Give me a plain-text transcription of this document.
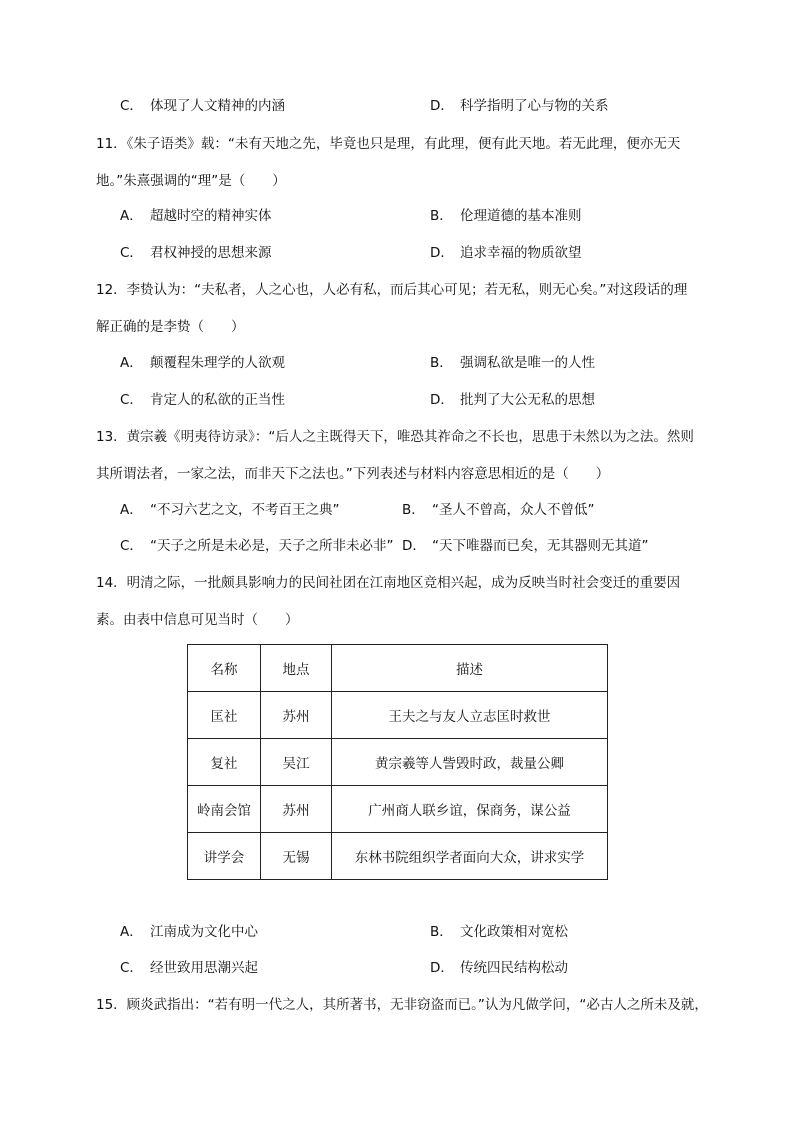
C． 体现了人文精神的内涵	D． 科学指明了心与物的关系
11．《朱子语类》载：“未有天地之先，毕竟也只是理，有此理，便有此天地。若无此理，便亦无天
地。”朱熹强调的“理”是（　　）
A． 超越时空的精神实体	B． 伦理道德的基本准则
C． 君权神授的思想来源	D． 追求幸福的物质欲望
12．李贽认为：“夫私者，人之心也，人必有私，而后其心可见；若无私，则无心矣。”对这段话的理
解正确的是李贽（　　）
A． 颠覆程朱理学的人欲观	B． 强调私欲是唯一的人性
C． 肯定人的私欲的正当性	D． 批判了大公无私的思想
13．黄宗羲《明夷待访录》：“后人之主既得天下，唯恐其祚命之不长也，思患于未然以为之法。然则
其所谓法者，一家之法，而非天下之法也。”下列表述与材料内容意思相近的是（　　）
A． “不习六艺之文，不考百王之典”	B． “圣人不曾高，众人不曾低”
C． “天子之所是未必是，天子之所非未必非” D． “天下唯器而已矣，无其器则无其道”
14．明清之际，一批颇具影响力的民间社团在江南地区竞相兴起，成为反映当时社会变迁的重要因
素。由表中信息可见当时（　　）
名称	地点	描述
匡社	苏州	王夫之与友人立志匡时救世
复社	吴江	黄宗羲等人訾毁时政，裁量公卿
岭南会馆	苏州	广州商人联乡谊，保商务，谋公益
讲学会	无锡	东林书院组织学者面向大众，讲求实学
A． 江南成为文化中心	B． 文化政策相对宽松
C． 经世致用思潮兴起	D． 传统四民结构松动
15．顾炎武指出：“若有明一代之人，其所著书，无非窃盗而已。”认为凡做学问，“必古人之所未及就，
